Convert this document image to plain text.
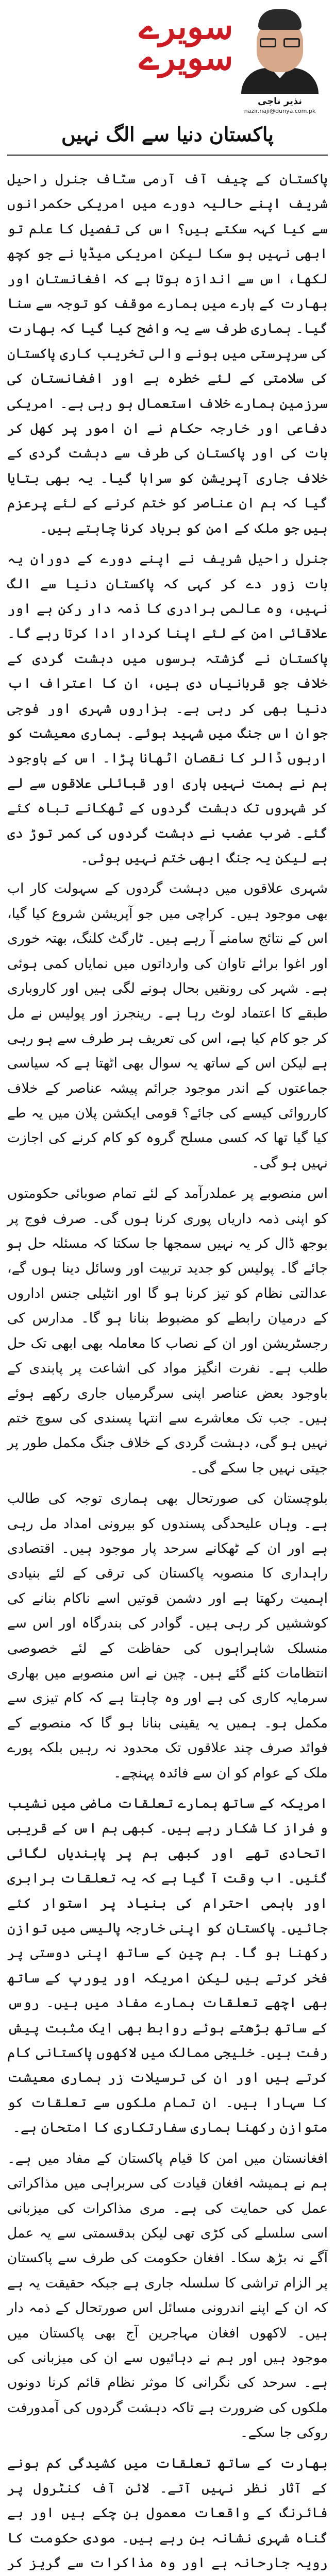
سویرے
سویرے
نذیر ناجی
nazir.naji@dunya.com.pk
پاکستان دنیا سے الگ نہیں

پاکستان کے چیف آف آرمی سٹاف جنرل راحیل شریف اپنے حالیہ دورے میں امریکی حکمرانوں سے کیا کہہ سکتے ہیں؟ اس کی تفصیل کا علم تو ابھی نہیں ہو سکا لیکن امریکی میڈیا نے جو کچھ لکھا، اس سے اندازہ ہوتا ہے کہ افغانستان اور بھارت کے بارے میں ہمارے موقف کو توجہ سے سنا گیا۔ ہماری طرف سے یہ واضح کیا گیا کہ بھارت کی سرپرستی میں ہونے والی تخریب کاری پاکستان کی سلامتی کے لئے خطرہ ہے اور افغانستان کی سرزمین ہمارے خلاف استعمال ہو رہی ہے۔ امریکی دفاعی اور خارجہ حکام نے ان امور پر کھل کر بات کی اور پاکستان کی طرف سے دہشت گردی کے خلاف جاری آپریشن کو سراہا گیا۔ یہ بھی بتایا گیا کہ ہم ان عناصر کو ختم کرنے کے لئے پرعزم ہیں جو ملک کے امن کو برباد کرنا چاہتے ہیں۔

جنرل راحیل شریف نے اپنے دورے کے دوران یہ بات زور دے کر کہی کہ پاکستان دنیا سے الگ نہیں، وہ عالمی برادری کا ذمہ دار رکن ہے اور علاقائی امن کے لئے اپنا کردار ادا کرتا رہے گا۔ پاکستان نے گزشتہ برسوں میں دہشت گردی کے خلاف جو قربانیاں دی ہیں، ان کا اعتراف اب دنیا بھی کر رہی ہے۔ ہزاروں شہری اور فوجی جوان اس جنگ میں شہید ہوئے۔ ہماری معیشت کو اربوں ڈالر کا نقصان اٹھانا پڑا۔ اس کے باوجود ہم نے ہمت نہیں ہاری اور قبائلی علاقوں سے لے کر شہروں تک دہشت گردوں کے ٹھکانے تباہ کئے گئے۔ ضرب عضب نے دہشت گردوں کی کمر توڑ دی ہے لیکن یہ جنگ ابھی ختم نہیں ہوئی۔

شہری علاقوں میں دہشت گردوں کے سہولت کار اب بھی موجود ہیں۔ کراچی میں جو آپریشن شروع کیا گیا، اس کے نتائج سامنے آ رہے ہیں۔ ٹارگٹ کلنگ، بھتہ خوری اور اغوا برائے تاوان کی وارداتوں میں نمایاں کمی ہوئی ہے۔ شہر کی رونقیں بحال ہونے لگی ہیں اور کاروباری طبقے کا اعتماد لوٹ رہا ہے۔ رینجرز اور پولیس نے مل کر جو کام کیا ہے، اس کی تعریف ہر طرف سے ہو رہی ہے لیکن اس کے ساتھ یہ سوال بھی اٹھتا ہے کہ سیاسی جماعتوں کے اندر موجود جرائم پیشہ عناصر کے خلاف کارروائی کیسے کی جائے؟ قومی ایکشن پلان میں یہ طے کیا گیا تھا کہ کسی مسلح گروہ کو کام کرنے کی اجازت نہیں ہو گی۔

اس منصوبے پر عملدرآمد کے لئے تمام صوبائی حکومتوں کو اپنی ذمہ داریاں پوری کرنا ہوں گی۔ صرف فوج پر بوجھ ڈال کر یہ نہیں سمجھا جا سکتا کہ مسئلہ حل ہو جائے گا۔ پولیس کو جدید تربیت اور وسائل دینا ہوں گے، عدالتی نظام کو تیز کرنا ہو گا اور انٹیلی جنس اداروں کے درمیان رابطے کو مضبوط بنانا ہو گا۔ مدارس کی رجسٹریشن اور ان کے نصاب کا معاملہ بھی ابھی تک حل طلب ہے۔ نفرت انگیز مواد کی اشاعت پر پابندی کے باوجود بعض عناصر اپنی سرگرمیاں جاری رکھے ہوئے ہیں۔ جب تک معاشرے سے انتہا پسندی کی سوچ ختم نہیں ہو گی، دہشت گردی کے خلاف جنگ مکمل طور پر جیتی نہیں جا سکے گی۔

بلوچستان کی صورتحال بھی ہماری توجہ کی طالب ہے۔ وہاں علیحدگی پسندوں کو بیرونی امداد مل رہی ہے اور ان کے ٹھکانے سرحد پار موجود ہیں۔ اقتصادی راہداری کا منصوبہ پاکستان کی ترقی کے لئے بنیادی اہمیت رکھتا ہے اور دشمن قوتیں اسے ناکام بنانے کی کوششیں کر رہی ہیں۔ گوادر کی بندرگاہ اور اس سے منسلک شاہراہوں کی حفاظت کے لئے خصوصی انتظامات کئے گئے ہیں۔ چین نے اس منصوبے میں بھاری سرمایہ کاری کی ہے اور وہ چاہتا ہے کہ کام تیزی سے مکمل ہو۔ ہمیں یہ یقینی بنانا ہو گا کہ منصوبے کے فوائد صرف چند علاقوں تک محدود نہ رہیں بلکہ پورے ملک کے عوام کو ان سے فائدہ پہنچے۔

امریکہ کے ساتھ ہمارے تعلقات ماضی میں نشیب و فراز کا شکار رہے ہیں۔ کبھی ہم اس کے قریبی اتحادی تھے اور کبھی ہم پر پابندیاں لگائی گئیں۔ اب وقت آ گیا ہے کہ یہ تعلقات برابری اور باہمی احترام کی بنیاد پر استوار کئے جائیں۔ پاکستان کو اپنی خارجہ پالیسی میں توازن رکھنا ہو گا۔ ہم چین کے ساتھ اپنی دوستی پر فخر کرتے ہیں لیکن امریکہ اور یورپ کے ساتھ بھی اچھے تعلقات ہمارے مفاد میں ہیں۔ روس کے ساتھ بڑھتے ہوئے روابط بھی ایک مثبت پیش رفت ہیں۔ خلیجی ممالک میں لاکھوں پاکستانی کام کرتے ہیں اور ان کی ترسیلات زر ہماری معیشت کا سہارا ہیں۔ ان تمام ملکوں سے تعلقات کو متوازن رکھنا ہماری سفارتکاری کا امتحان ہے۔

افغانستان میں امن کا قیام پاکستان کے مفاد میں ہے۔ ہم نے ہمیشہ افغان قیادت کی سربراہی میں مذاکراتی عمل کی حمایت کی ہے۔ مری مذاکرات کی میزبانی اسی سلسلے کی کڑی تھی لیکن بدقسمتی سے یہ عمل آگے نہ بڑھ سکا۔ افغان حکومت کی طرف سے پاکستان پر الزام تراشی کا سلسلہ جاری ہے جبکہ حقیقت یہ ہے کہ ان کے اپنے اندرونی مسائل اس صورتحال کے ذمہ دار ہیں۔ لاکھوں افغان مہاجرین آج بھی پاکستان میں موجود ہیں اور ہم نے دہائیوں سے ان کی میزبانی کی ہے۔ سرحد کی نگرانی کا موثر نظام قائم کرنا دونوں ملکوں کی ضرورت ہے تاکہ دہشت گردوں کی آمدورفت روکی جا سکے۔

بھارت کے ساتھ تعلقات میں کشیدگی کم ہونے کے آثار نظر نہیں آتے۔ لائن آف کنٹرول پر فائرنگ کے واقعات معمول بن چکے ہیں اور بے گناہ شہری نشانہ بن رہے ہیں۔ مودی حکومت کا رویہ جارحانہ ہے اور وہ مذاکرات سے گریز کر
